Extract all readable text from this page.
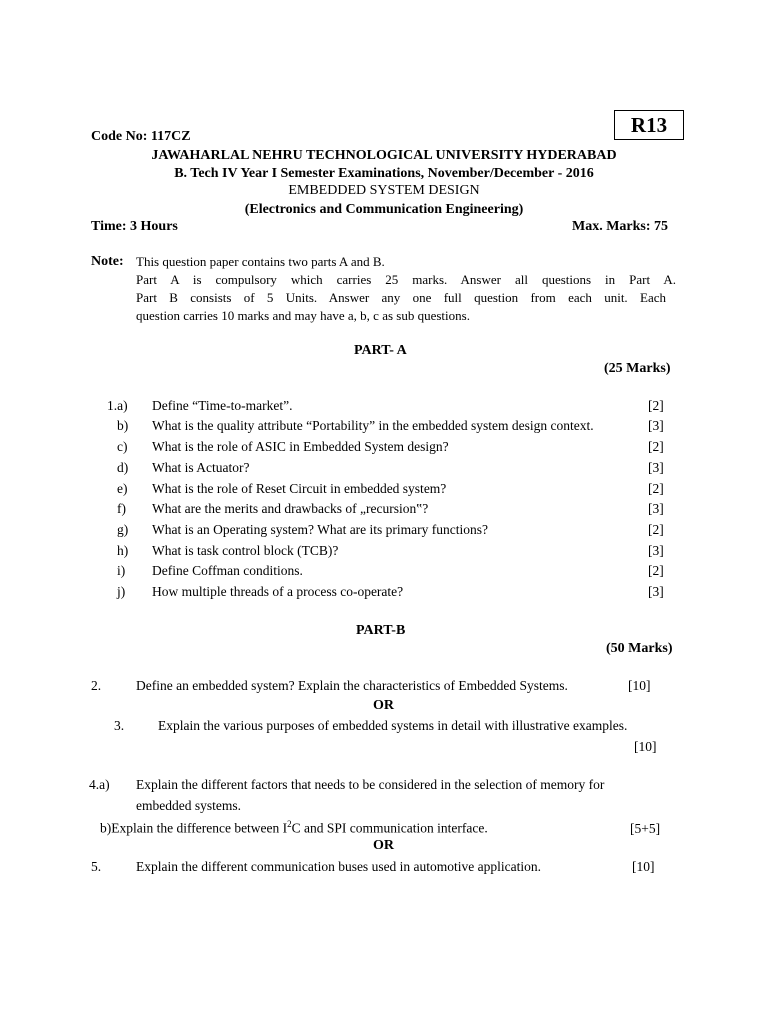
R13
Code No: 117CZ
JAWAHARLAL NEHRU TECHNOLOGICAL UNIVERSITY HYDERABAD
B. Tech IV Year I Semester Examinations, November/December - 2016
EMBEDDED SYSTEM DESIGN
(Electronics and Communication Engineering)
Time: 3 Hours	Max. Marks: 75
Note: This question paper contains two parts A and B.
Part A is compulsory which carries 25 marks. Answer all questions in Part A.
Part B consists of 5 Units. Answer any one full question from each unit. Each
question carries 10 marks and may have a, b, c as sub questions.
PART- A
(25 Marks)
1.a) Define “Time-to-market”.	[2]
b) What is the quality attribute “Portability” in the embedded system design context.	[3]
c) What is the role of ASIC in Embedded System design?	[2]
d) What is Actuator?	[3]
e) What is the role of Reset Circuit in embedded system?	[2]
f) What are the merits and drawbacks of „recursion‟?	[3]
g) What is an Operating system? What are its primary functions?	[2]
h) What is task control block (TCB)?	[3]
i) Define Coffman conditions.	[2]
j) How multiple threads of a process co-operate?	[3]
PART-B
(50 Marks)
2.	Define an embedded system? Explain the characteristics of Embedded Systems.	[10]
OR
3.	Explain the various purposes of embedded systems in detail with illustrative examples.
[10]
4.a) Explain the different factors that needs to be considered in the selection of memory for
embedded systems.
b)Explain the difference between $I^2C$ and SPI communication interface.	[5+5]
OR
5.	Explain the different communication buses used in automotive application.	[10]
